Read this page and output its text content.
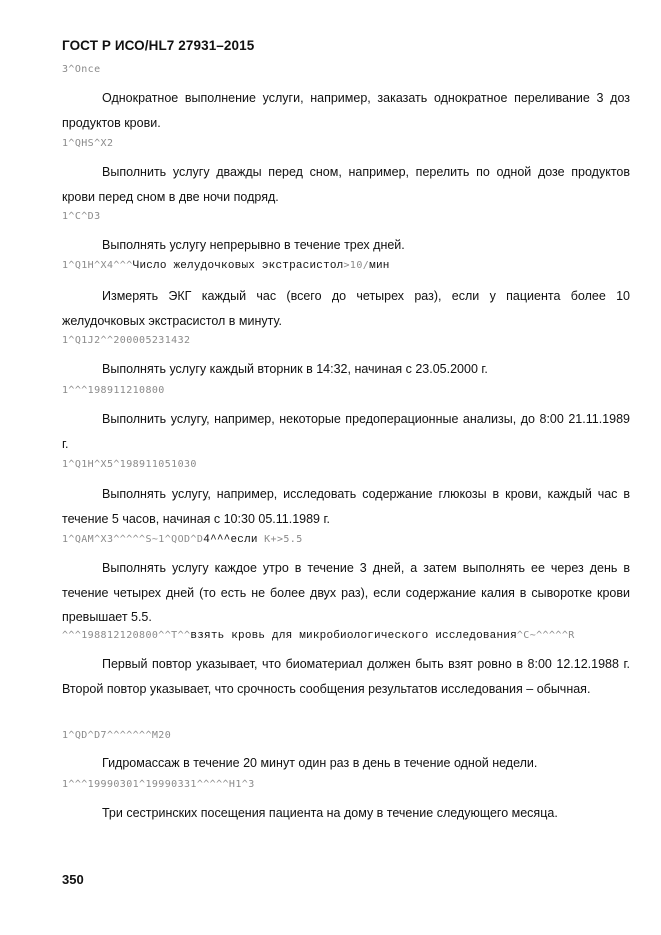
ГОСТ Р ИСО/HL7 27931–2015
3^Once
Однократное выполнение услуги, например, заказать однократное переливание 3 доз продуктов крови.
1^QHS^X2
Выполнить услугу дважды перед сном, например, перелить по одной дозе продуктов крови перед сном в две ночи подряд.
1^C^D3
Выполнять услугу непрерывно в течение трех дней.
1^Q1H^X4^^^Число желудочковых экстрасистол>10/мин
Измерять ЭКГ каждый час (всего до четырех раз), если у пациента более 10 желудочковых экстрасистол в минуту.
1^Q1J2^^200005231432
Выполнять услугу каждый вторник в 14:32, начиная с 23.05.2000 г.
1^^^198911210800
Выполнить услугу, например, некоторые предоперационные анализы, до 8:00 21.11.1989 г.
1^Q1H^X5^198911051030
Выполнять услугу, например, исследовать содержание глюкозы в крови, каждый час в течение 5 часов, начиная с 10:30 05.11.1989 г.
1^QAM^X3^^^^^S~1^QOD^D4^^^если K+>5.5
Выполнять услугу каждое утро в течение 3 дней, а затем выполнять ее через день в течение четырех дней (то есть не более двух раз), если содержание калия в сыворотке крови превышает 5.5.
^^^198812120800^^T^^взять кровь для микробиологического исследования^C~^^^^^R
Первый повтор указывает, что биоматериал должен быть взят ровно в 8:00 12.12.1988 г. Второй повтор указывает, что срочность сообщения результатов исследования – обычная.
1^QD^D7^^^^^^^M20
Гидромассаж в течение 20 минут один раз в день в течение одной недели.
1^^^19990301^19990331^^^^^H1^3
Три сестринских посещения пациента на дому в течение следующего месяца.
350
